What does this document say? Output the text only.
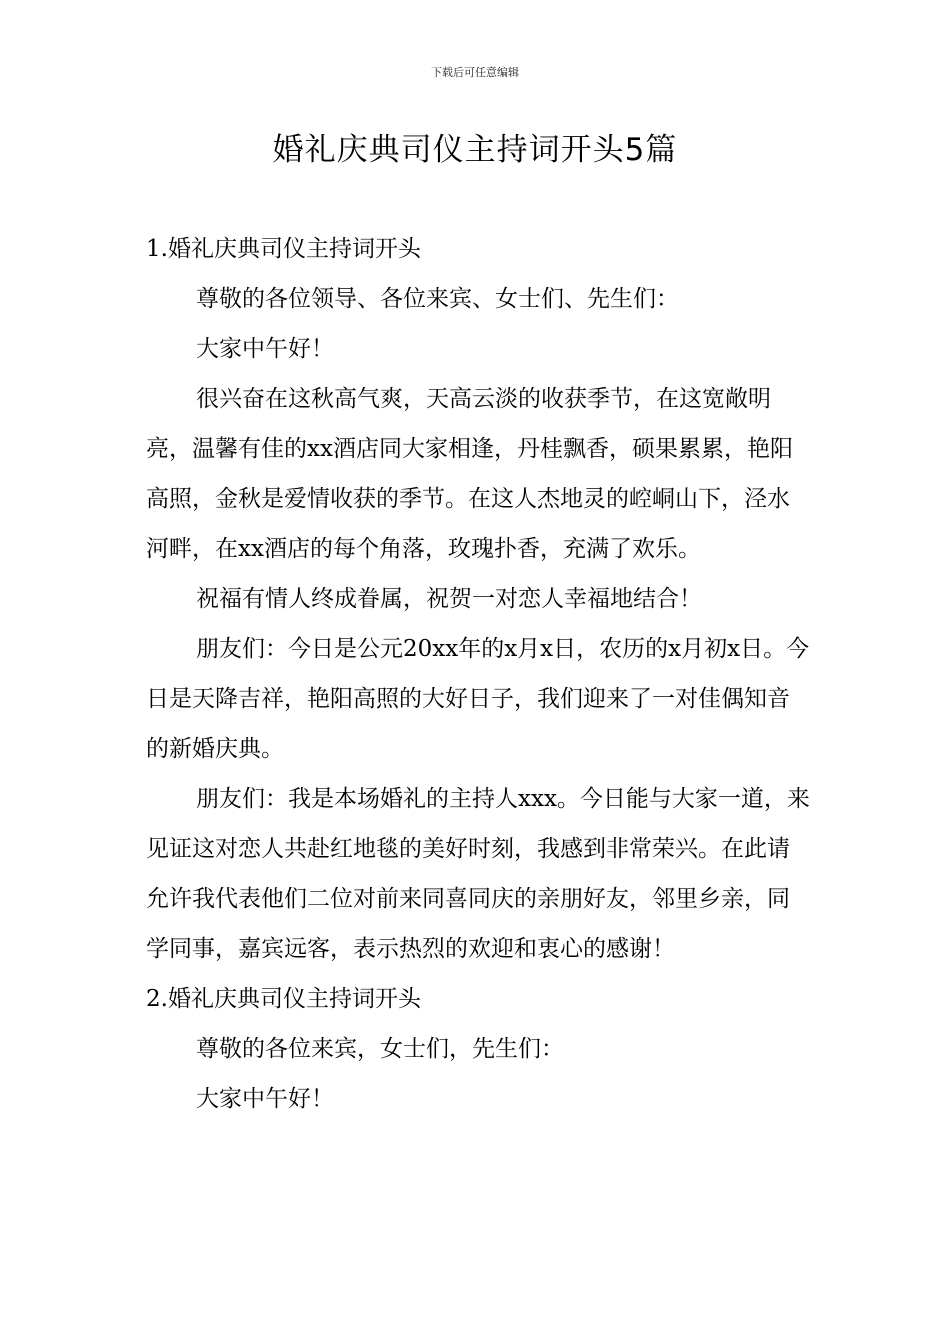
下载后可任意编辑
婚礼庆典司仪主持词开头5篇

1.婚礼庆典司仪主持词开头

尊敬的各位领导、各位来宾、女士们、先生们：

大家中午好！

很兴奋在这秋高气爽，天高云淡的收获季节，在这宽敞明亮，温馨有佳的xx酒店同大家相逢，丹桂飘香，硕果累累，艳阳高照，金秋是爱情收获的季节。在这人杰地灵的崆峒山下，泾水河畔，在xx酒店的每个角落，玫瑰扑香，充满了欢乐。

祝福有情人终成眷属，祝贺一对恋人幸福地结合！

朋友们：今日是公元20xx年的x月x日，农历的x月初x日。今日是天降吉祥，艳阳高照的大好日子，我们迎来了一对佳偶知音的新婚庆典。

朋友们：我是本场婚礼的主持人xxx。今日能与大家一道，来见证这对恋人共赴红地毯的美好时刻，我感到非常荣兴。在此请允许我代表他们二位对前来同喜同庆的亲朋好友，邻里乡亲，同学同事，嘉宾远客，表示热烈的欢迎和衷心的感谢！

2.婚礼庆典司仪主持词开头

尊敬的各位来宾，女士们，先生们：

大家中午好！
